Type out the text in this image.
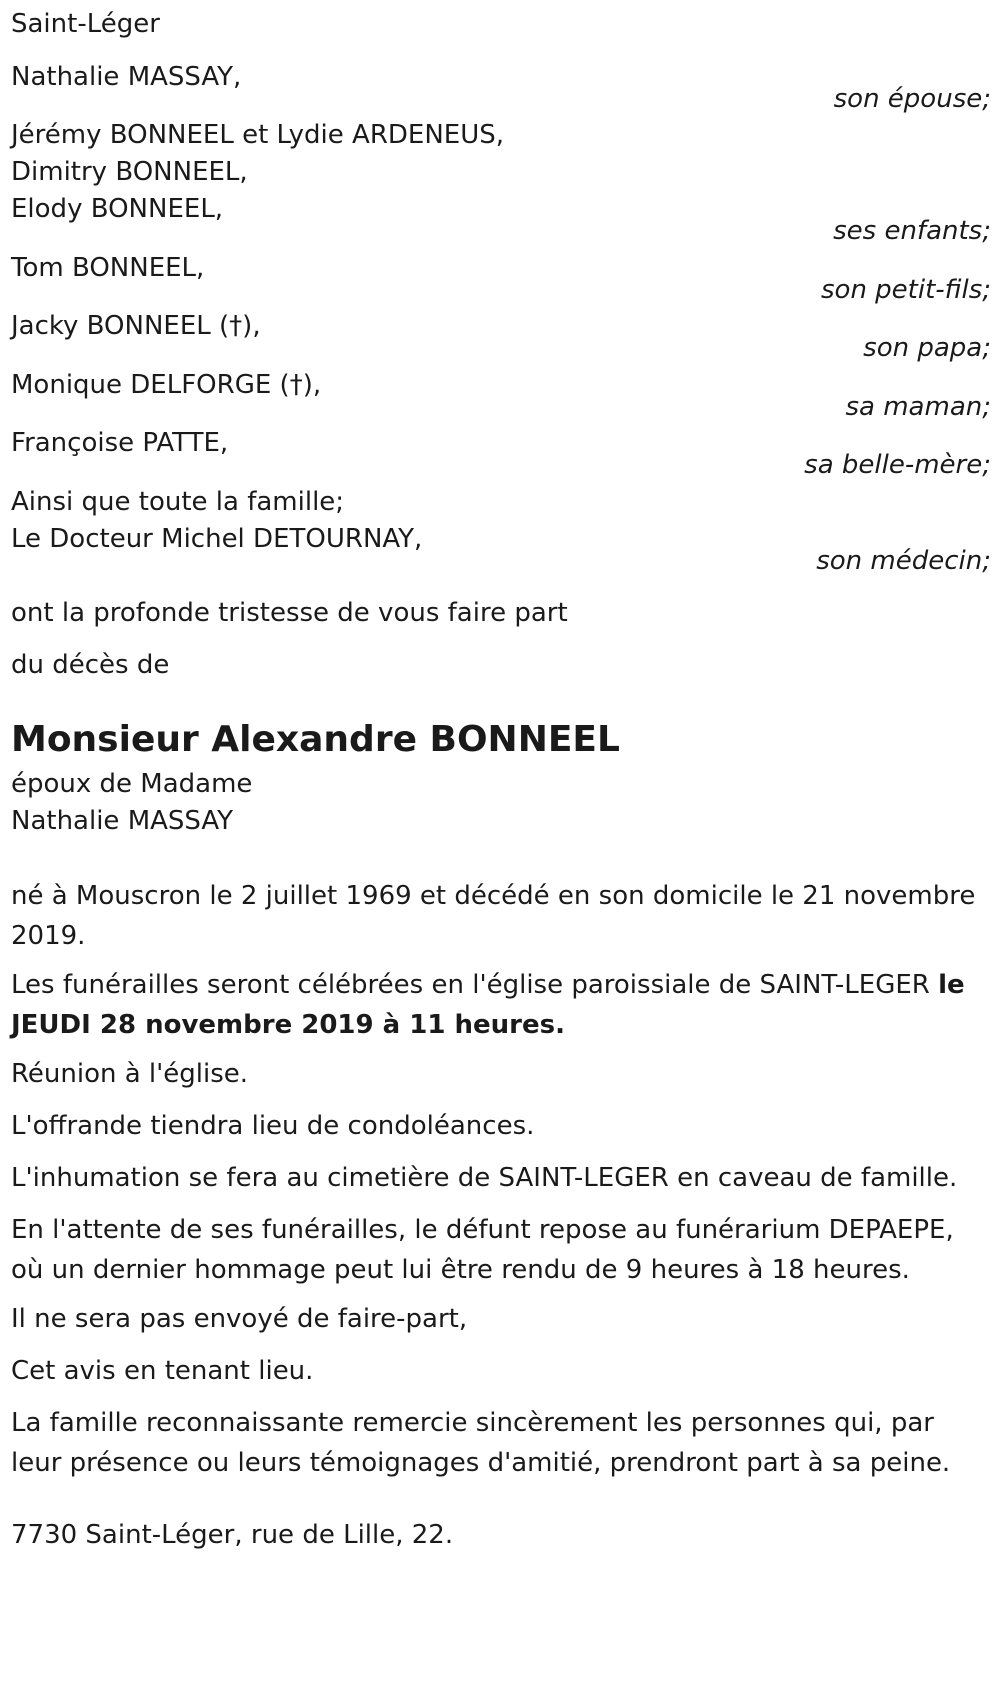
Saint-Léger
Nathalie MASSAY,
son épouse;
Jérémy BONNEEL et Lydie ARDENEUS,
Dimitry BONNEEL,
Elody BONNEEL,
ses enfants;
Tom BONNEEL,
son petit-fils;
Jacky BONNEEL (†),
son papa;
Monique DELFORGE (†),
sa maman;
Françoise PATTE,
sa belle-mère;
Ainsi que toute la famille;
Le Docteur Michel DETOURNAY,
son médecin;
ont la profonde tristesse de vous faire part
du décès de
Monsieur Alexandre BONNEEL
époux de Madame
Nathalie MASSAY
né à Mouscron le 2 juillet 1969 et décédé en son domicile le 21 novembre 2019.
Les funérailles seront célébrées en l'église paroissiale de SAINT-LEGER le JEUDI 28 novembre 2019 à 11 heures.
Réunion à l'église.
L'offrande tiendra lieu de condoléances.
L'inhumation se fera au cimetière de SAINT-LEGER en caveau de famille.
En l'attente de ses funérailles, le défunt repose au funérarium DEPAEPE, où un dernier hommage peut lui être rendu de 9 heures à 18 heures.
Il ne sera pas envoyé de faire-part,
Cet avis en tenant lieu.
La famille reconnaissante remercie sincèrement les personnes qui, par leur présence ou leurs témoignages d'amitié, prendront part à sa peine.
7730 Saint-Léger, rue de Lille, 22.
